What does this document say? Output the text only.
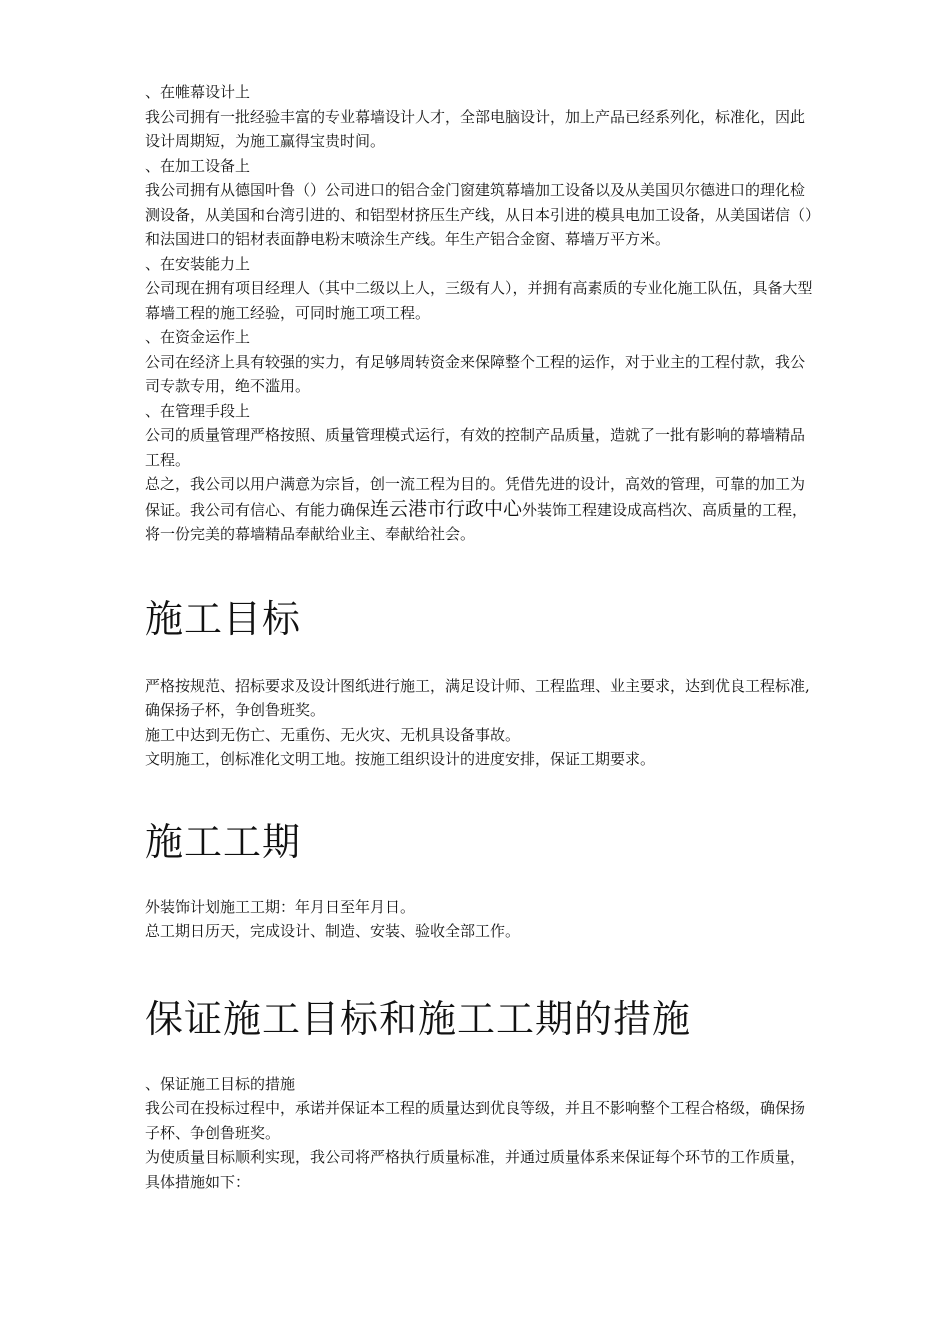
、在帷幕设计上

我公司拥有一批经验丰富的专业幕墙设计人才，全部电脑设计，加上产品已经系列化，标准化，因此设计周期短，为施工赢得宝贵时间。

、在加工设备上

我公司拥有从德国叶鲁（）公司进口的铝合金门窗建筑幕墙加工设备以及从美国贝尔德进口的理化检测设备，从美国和台湾引进的、和铝型材挤压生产线，从日本引进的模具电加工设备，从美国诺信（）和法国进口的铝材表面静电粉末喷涂生产线。年生产铝合金窗、幕墙万平方米。

、在安装能力上

公司现在拥有项目经理人（其中二级以上人，三级有人），并拥有高素质的专业化施工队伍，具备大型幕墙工程的施工经验，可同时施工项工程。

、在资金运作上

公司在经济上具有较强的实力，有足够周转资金来保障整个工程的运作，对于业主的工程付款，我公司专款专用，绝不滥用。

、在管理手段上

公司的质量管理严格按照、质量管理模式运行，有效的控制产品质量，造就了一批有影响的幕墙精品工程。

总之，我公司以用户满意为宗旨，创一流工程为目的。凭借先进的设计，高效的管理，可靠的加工为保证。我公司有信心、有能力确保连云港市行政中心外装饰工程建设成高档次、高质量的工程，将一份完美的幕墙精品奉献给业主、奉献给社会。

施工目标

严格按规范、招标要求及设计图纸进行施工，满足设计师、工程监理、业主要求，达到优良工程标准,确保扬子杯，争创鲁班奖。

施工中达到无伤亡、无重伤、无火灾、无机具设备事故。

文明施工，创标准化文明工地。按施工组织设计的进度安排，保证工期要求。

施工工期

外装饰计划施工工期：年月日至年月日。

总工期日历天，完成设计、制造、安装、验收全部工作。

保证施工目标和施工工期的措施

、保证施工目标的措施

我公司在投标过程中，承诺并保证本工程的质量达到优良等级，并且不影响整个工程合格级，确保扬子杯、争创鲁班奖。

为使质量目标顺利实现，我公司将严格执行质量标准，并通过质量体系来保证每个环节的工作质量，具体措施如下：
